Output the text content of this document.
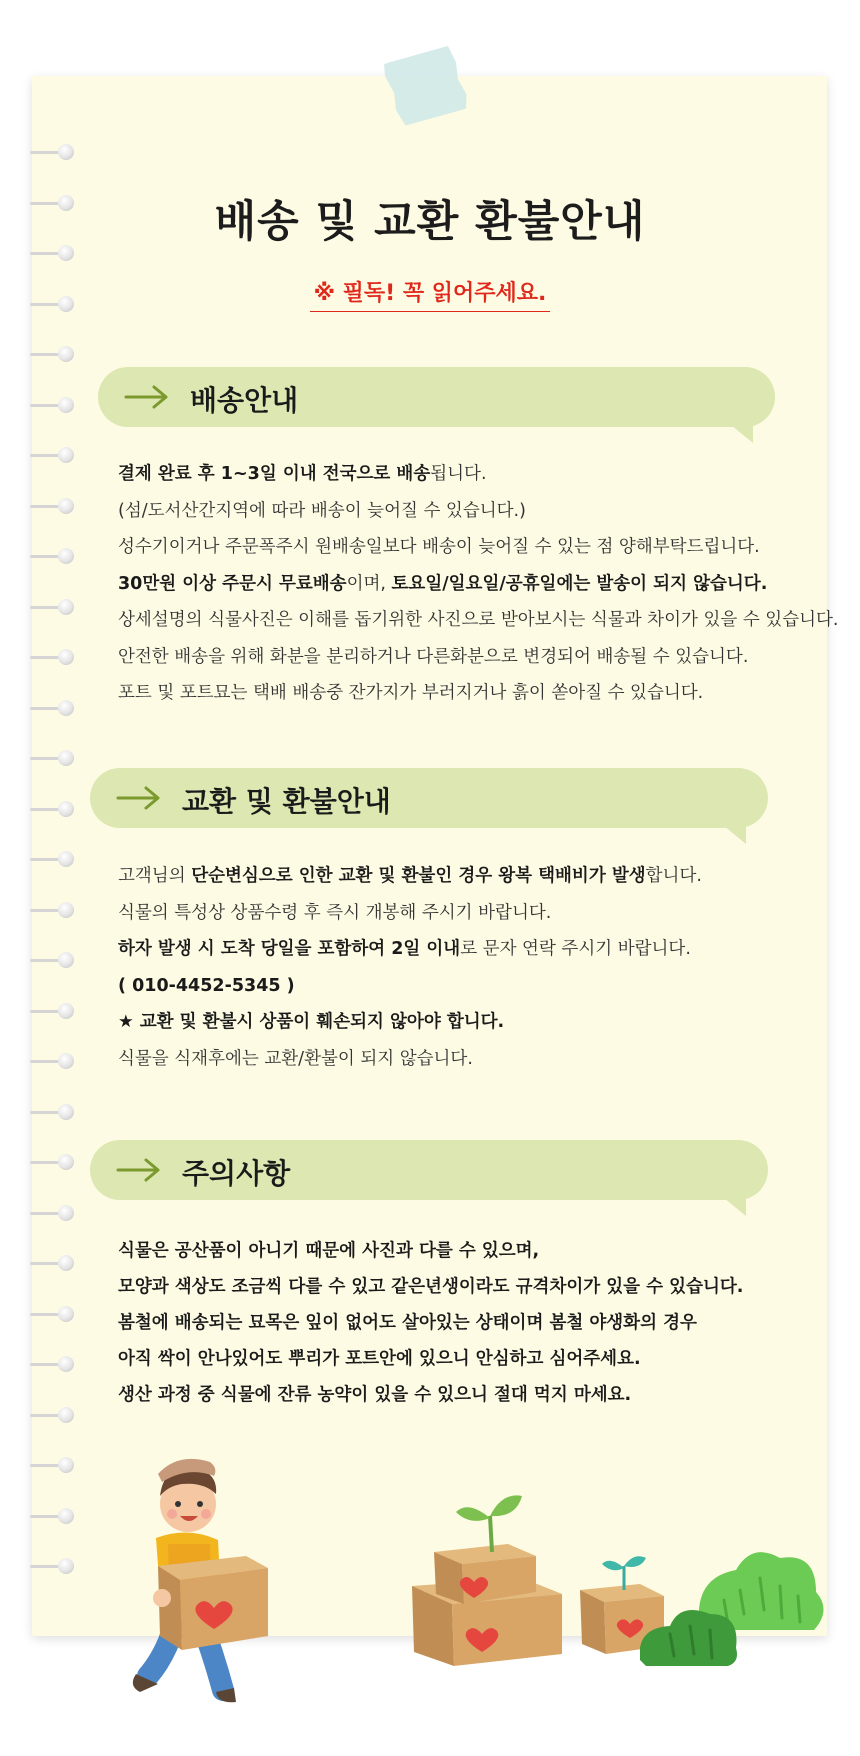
배송 및 교환 환불안내
※ 필독! 꼭 읽어주세요.
배송안내
결제 완료 후 1~3일 이내 전국으로 배송됩니다.
(섬/도서산간지역에 따라 배송이 늦어질 수 있습니다.)
성수기이거나 주문폭주시 원배송일보다 배송이 늦어질 수 있는 점 양해부탁드립니다.
30만원 이상 주문시 무료배송이며, 토요일/일요일/공휴일에는 발송이 되지 않습니다.
상세설명의 식물사진은 이해를 돕기위한 사진으로 받아보시는 식물과 차이가 있을 수 있습니다.
안전한 배송을 위해 화분을 분리하거나 다른화분으로 변경되어 배송될 수 있습니다.
포트 및 포트묘는 택배 배송중 잔가지가 부러지거나 흙이 쏟아질 수 있습니다.
교환 및 환불안내
고객님의 단순변심으로 인한 교환 및 환불인 경우 왕복 택배비가 발생합니다.
식물의 특성상 상품수령 후 즉시 개봉해 주시기 바랍니다.
하자 발생 시 도착 당일을 포함하여 2일 이내로 문자 연락 주시기 바랍니다.
( 010-4452-5345 )
★ 교환 및 환불시 상품이 훼손되지 않아야 합니다.
식물을 식재후에는 교환/환불이 되지 않습니다.
주의사항
식물은 공산품이 아니기 때문에 사진과 다를 수 있으며,
모양과 색상도 조금씩 다를 수 있고 같은년생이라도 규격차이가 있을 수 있습니다.
봄철에 배송되는 묘목은 잎이 없어도 살아있는 상태이며 봄철 야생화의 경우
아직 싹이 안나있어도 뿌리가 포트안에 있으니 안심하고 심어주세요.
생산 과정 중 식물에 잔류 농약이 있을 수 있으니 절대 먹지 마세요.
